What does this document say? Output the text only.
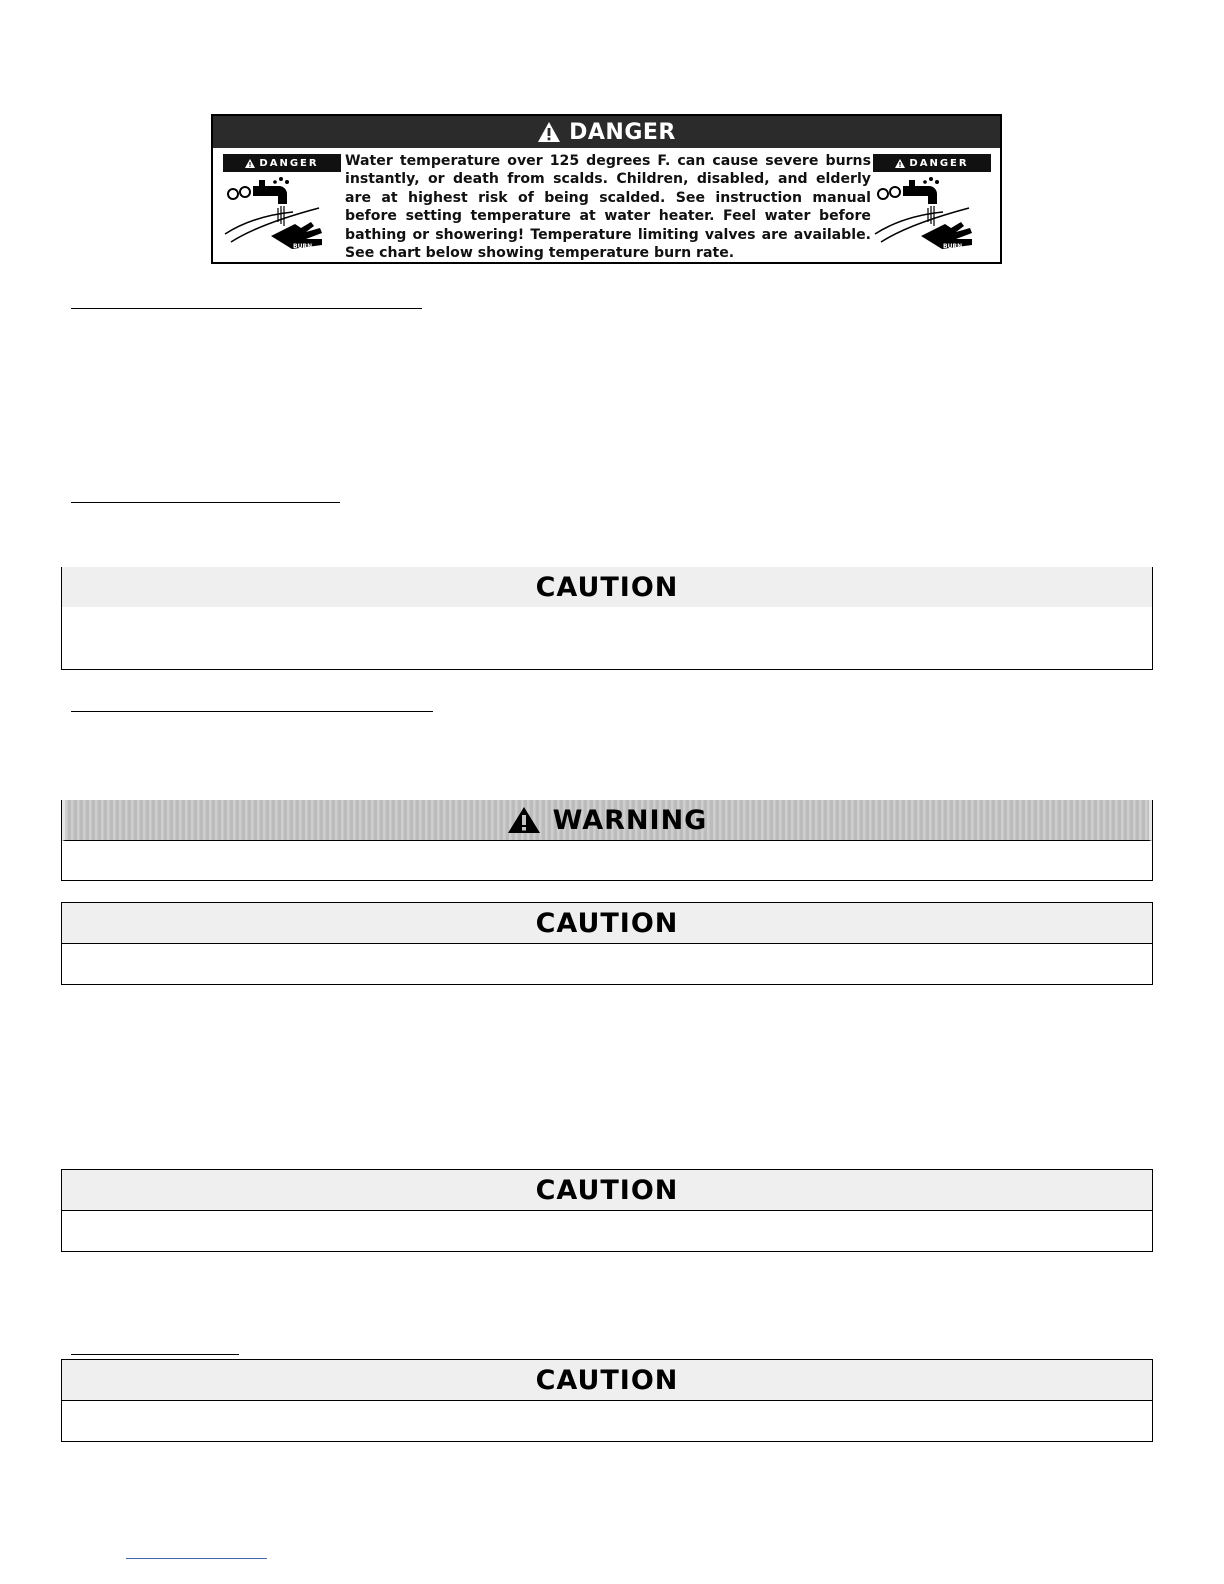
DANGER
DANGER
BURN
Water temperature over 125 degrees F. can cause severe burns instantly, or death from scalds. Children, disabled, and elderly are at highest risk of being scalded. See instruction manual before setting temperature at water heater. Feel water before bathing or showering! Temperature limiting valves are available. See chart below showing temperature burn rate.
DANGER
BURN
CAUTION
WARNING
CAUTION
CAUTION
CAUTION
